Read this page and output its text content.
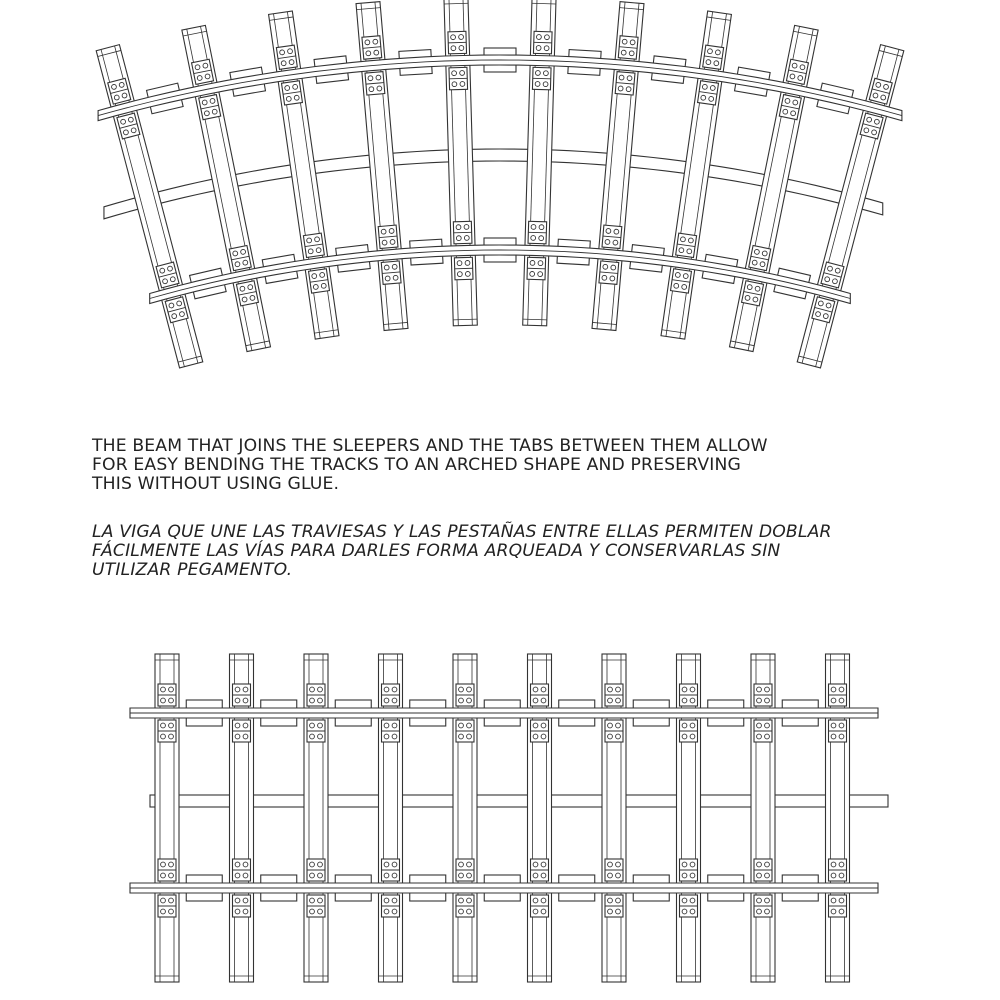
THE BEAM THAT JOINS THE SLEEPERS AND THE TABS BETWEEN THEM ALLOW
FOR EASY BENDING THE TRACKS TO AN ARCHED SHAPE AND PRESERVING
THIS WITHOUT USING GLUE.
LA VIGA QUE UNE LAS TRAVIESAS Y LAS PESTAÑAS ENTRE ELLAS PERMITEN DOBLAR
FÁCILMENTE LAS VÍAS PARA DARLES FORMA ARQUEADA Y CONSERVARLAS SIN
UTILIZAR PEGAMENTO.
